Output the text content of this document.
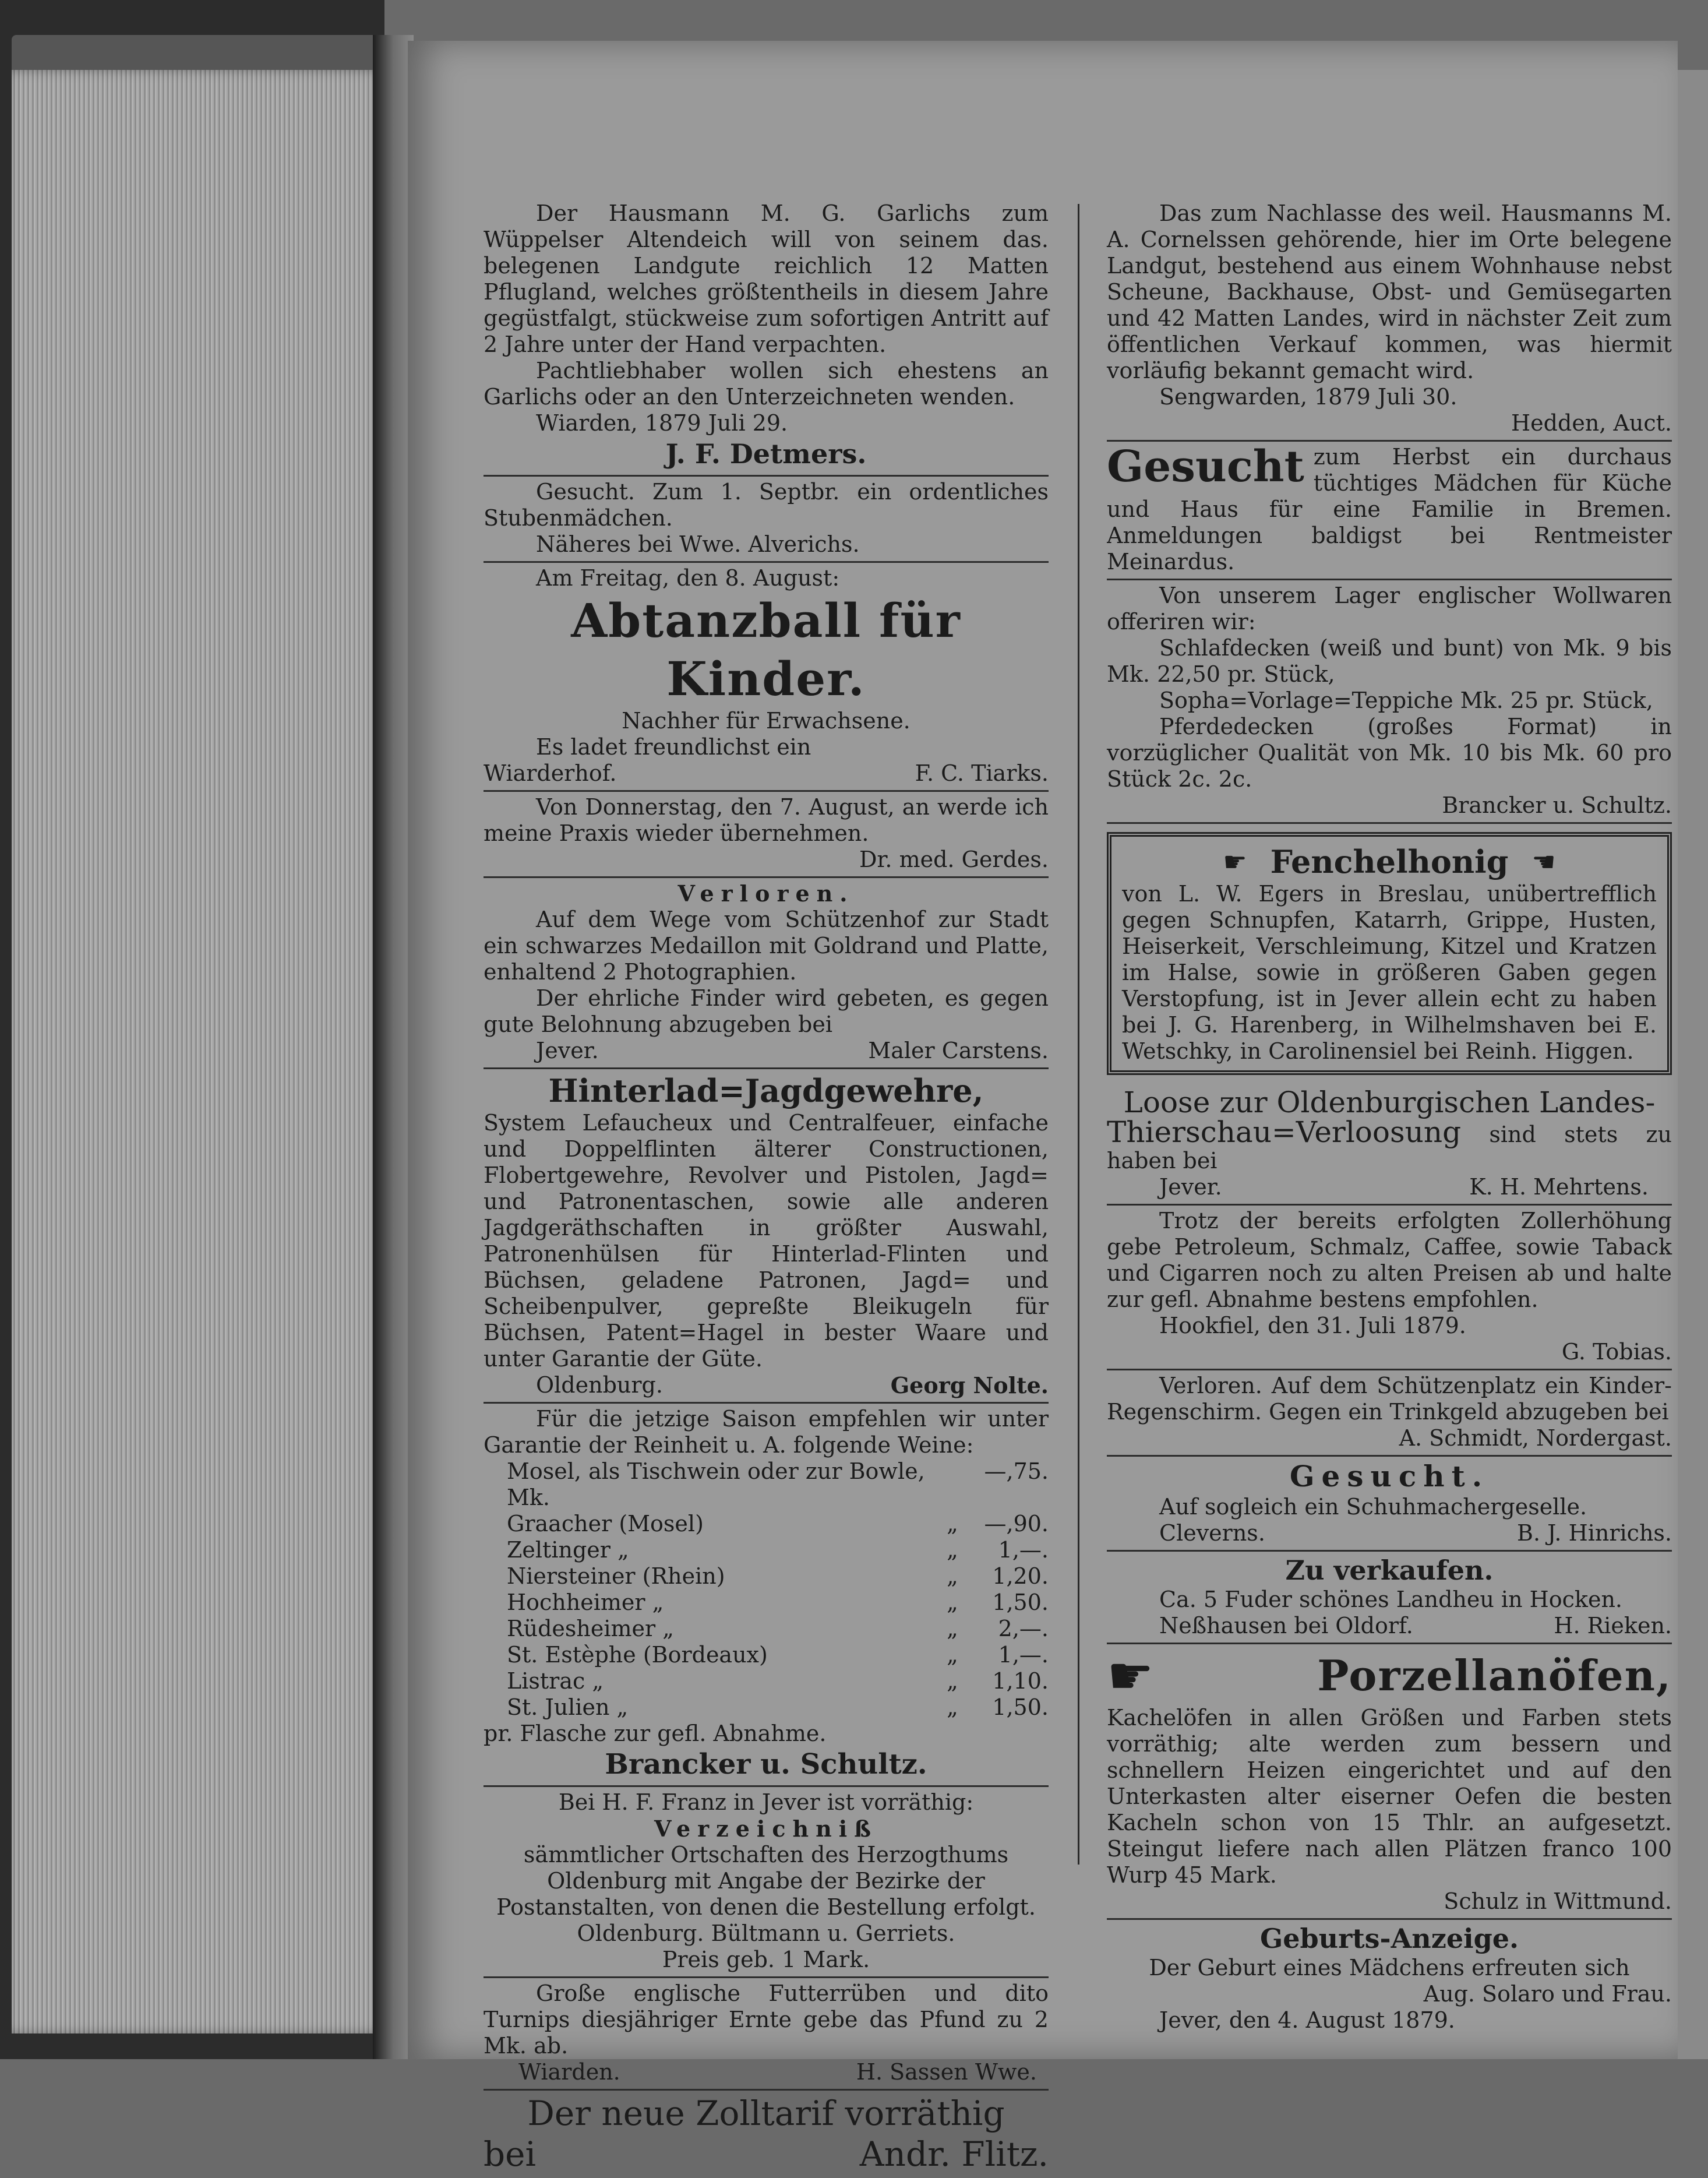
Der Hausmann M. G. Garlichs zum Wüppelser Altendeich will von seinem das. belegenen Landgute reichlich 12 Matten Pflugland, welches größtentheils in diesem Jahre gegüstfalgt, stückweise zum sofortigen Antritt auf 2 Jahre unter der Hand verpachten.

Pachtliebhaber wollen sich ehestens an Garlichs oder an den Unterzeichneten wenden.

Wiarden, 1879 Juli 29.

J. F. Detmers.

Gesucht. Zum 1. Septbr. ein ordentliches Stubenmädchen.

Näheres bei Wwe. Alverichs.

Am Freitag, den 8. August:

Abtanzball für Kinder.

Nachher für Erwachsene.

Es ladet freundlichst ein

Wiarderhof.	F. C. Tiarks.

Von Donnerstag, den 7. August, an werde ich meine Praxis wieder übernehmen.

Dr. med. Gerdes.

Verloren.

Auf dem Wege vom Schützenhof zur Stadt ein schwarzes Medaillon mit Goldrand und Platte, enhaltend 2 Photographien.

Der ehrliche Finder wird gebeten, es gegen gute Belohnung abzugeben bei

Jever.	Maler Carstens.

Hinterlad=Jagdgewehre,

System Lefaucheux und Centralfeuer, einfache und Doppelflinten älterer Constructionen, Flobertgewehre, Revolver und Pistolen, Jagd= und Patronentaschen, sowie alle anderen Jagdgeräthschaften in größter Auswahl, Patronenhülsen für Hinterlad-Flinten und Büchsen, geladene Patronen, Jagd= und Scheibenpulver, gepreßte Bleikugeln für Büchsen, Patent=Hagel in bester Waare und unter Garantie der Güte.

Oldenburg.	Georg Nolte.

Für die jetzige Saison empfehlen wir unter Garantie der Reinheit u. A. folgende Weine:

Mosel, als Tischwein oder zur Bowle, Mk.
—,75.
Graacher (Mosel)	„	—,90.
Zeltinger „	„	1,—.
Niersteiner (Rhein)	„	1,20.
Hochheimer „	„	1,50.
Rüdesheimer „	„	2,—.
St. Estèphe (Bordeaux)	„	1,—.
Listrac „	„	1,10.
St. Julien „	„	1,50.

pr. Flasche zur gefl. Abnahme.

Brancker u. Schultz.

Bei H. F. Franz in Jever ist vorräthig:

Verzeichniß

sämmtlicher Ortschaften des Herzogthums Oldenburg mit Angabe der Bezirke der Postanstalten, von denen die Bestellung erfolgt.

Oldenburg. Bültmann u. Gerriets.

Preis geb. 1 Mark.

Große englische Futterrüben und dito Turnips diesjähriger Ernte gebe das Pfund zu 2 Mk. ab.

Wiarden.	H. Sassen Wwe.

Der neue Zolltarif vorräthig

bei	Andr. Flitz.

Das zum Nachlasse des weil. Hausmanns M. A. Cornelssen gehörende, hier im Orte belegene Landgut, bestehend aus einem Wohnhause nebst Scheune, Backhause, Obst- und Gemüsegarten und 42 Matten Landes, wird in nächster Zeit zum öffentlichen Verkauf kommen, was hiermit vorläufig bekannt gemacht wird.

Sengwarden, 1879 Juli 30.

Hedden, Auct.

Gesucht zum Herbst ein durchaus tüchtiges Mädchen für Küche und Haus für eine Familie in Bremen. Anmeldungen baldigst bei Rentmeister Meinardus.

Von unserem Lager englischer Wollwaren offeriren wir:

Schlafdecken (weiß und bunt) von Mk. 9 bis Mk. 22,50 pr. Stück,

Sopha=Vorlage=Teppiche Mk. 25 pr. Stück,

Pferdedecken (großes Format) in vorzüglicher Qualität von Mk. 10 bis Mk. 60 pro Stück 2c. 2c.

Brancker u. Schultz.

☛ Fenchelhonig ☚

von L. W. Egers in Breslau, unübertrefflich gegen Schnupfen, Katarrh, Grippe, Husten, Heiserkeit, Verschleimung, Kitzel und Kratzen im Halse, sowie in größeren Gaben gegen Verstopfung, ist in Jever allein echt zu haben bei J. G. Harenberg, in Wilhelmshaven bei E. Wetschky, in Carolinensiel bei Reinh. Higgen.

Loose zur Oldenburgischen Landes-

Thierschau=Verloosung sind stets zu haben bei

Jever.	K. H. Mehrtens.

Trotz der bereits erfolgten Zollerhöhung gebe Petroleum, Schmalz, Caffee, sowie Taback und Cigarren noch zu alten Preisen ab und halte zur gefl. Abnahme bestens empfohlen.

Hookfiel, den 31. Juli 1879.

G. Tobias.

Verloren. Auf dem Schützenplatz ein Kinder-Regenschirm. Gegen ein Trinkgeld abzugeben bei

A. Schmidt, Nordergast.

Gesucht.

Auf sogleich ein Schuhmachergeselle.

Cleverns.	B. J. Hinrichs.

Zu verkaufen.

Ca. 5 Fuder schönes Landheu in Hocken.

Neßhausen bei Oldorf.	H. Rieken.
☛	Porzellanöfen,

Kachelöfen in allen Größen und Farben stets vorräthig; alte werden zum bessern und schnellern Heizen eingerichtet und auf den Unterkasten alter eiserner Oefen die besten Kacheln schon von 15 Thlr. an aufgesetzt. Steingut liefere nach allen Plätzen franco 100 Wurp 45 Mark.

Schulz in Wittmund.

Geburts-Anzeige.

Der Geburt eines Mädchens erfreuten sich

Aug. Solaro und Frau.

Jever, den 4. August 1879.
